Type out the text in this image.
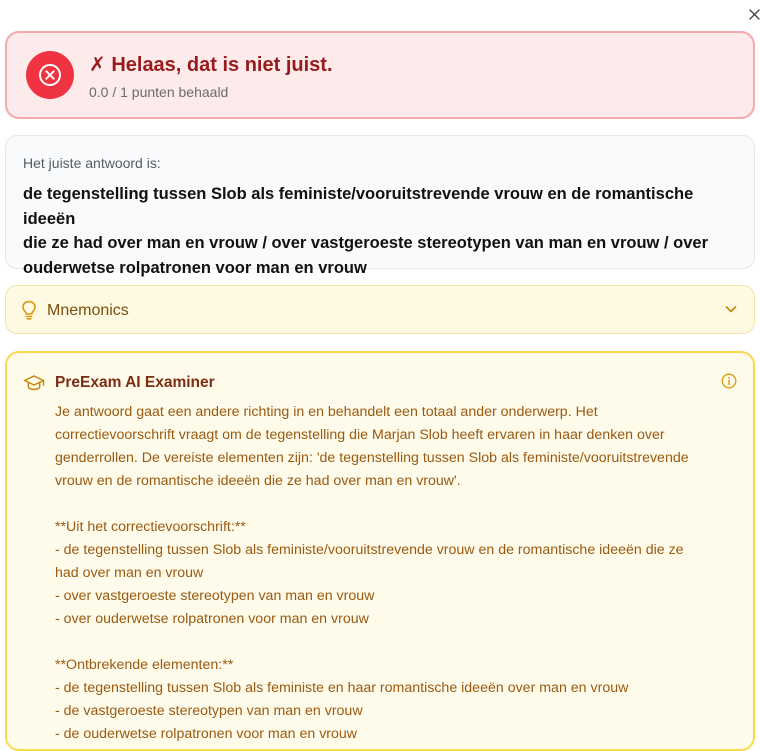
✗ Helaas, dat is niet juist.
0.0 / 1 punten behaald
Het juiste antwoord is:
de tegenstelling tussen Slob als feministe/vooruitstrevende vrouw en de romantische ideeën
die ze had over man en vrouw / over vastgeroeste stereotypen van man en vrouw / over
ouderwetse rolpatronen voor man en vrouw
Mnemonics
PreExam AI Examiner

Je antwoord gaat een andere richting in en behandelt een totaal ander onderwerp. Het

correctievoorschrift vraagt om de tegenstelling die Marjan Slob heeft ervaren in haar denken over

genderrollen. De vereiste elementen zijn: 'de tegenstelling tussen Slob als feministe/vooruitstrevende

vrouw en de romantische ideeën die ze had over man en vrouw'.

**Uit het correctievoorschrift:**

- de tegenstelling tussen Slob als feministe/vooruitstrevende vrouw en de romantische ideeën die ze

had over man en vrouw

- over vastgeroeste stereotypen van man en vrouw

- over ouderwetse rolpatronen voor man en vrouw

**Ontbrekende elementen:**

- de tegenstelling tussen Slob als feministe en haar romantische ideeën over man en vrouw

- de vastgeroeste stereotypen van man en vrouw

- de ouderwetse rolpatronen voor man en vrouw
